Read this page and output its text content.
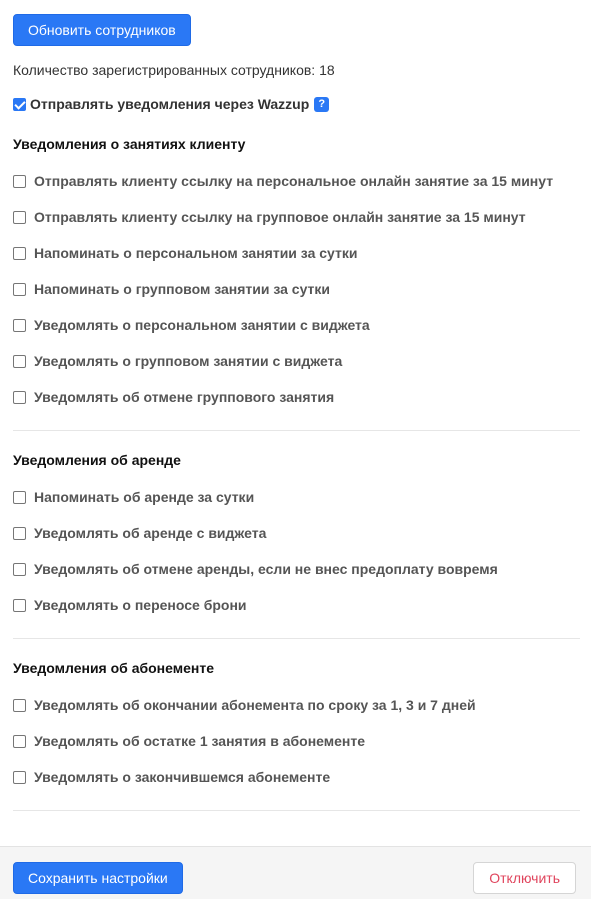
Обновить сотрудников
Количество зарегистрированных сотрудников: 18
Отправлять уведомления через Wazzup ?
Уведомления о занятиях клиенту
Отправлять клиенту ссылку на персональное онлайн занятие за 15 минут
Отправлять клиенту ссылку на групповое онлайн занятие за 15 минут
Напоминать о персональном занятии за сутки
Напоминать о групповом занятии за сутки
Уведомлять о персональном занятии с виджета
Уведомлять о групповом занятии с виджета
Уведомлять об отмене группового занятия
Уведомления об аренде
Напоминать об аренде за сутки
Уведомлять об аренде с виджета
Уведомлять об отмене аренды, если не внес предоплату вовремя
Уведомлять о переносе брони
Уведомления об абонементе
Уведомлять об окончании абонемента по сроку за 1, 3 и 7 дней
Уведомлять об остатке 1 занятия в абонементе
Уведомлять о закончившемся абонементе
Сохранить настройки	Отключить
